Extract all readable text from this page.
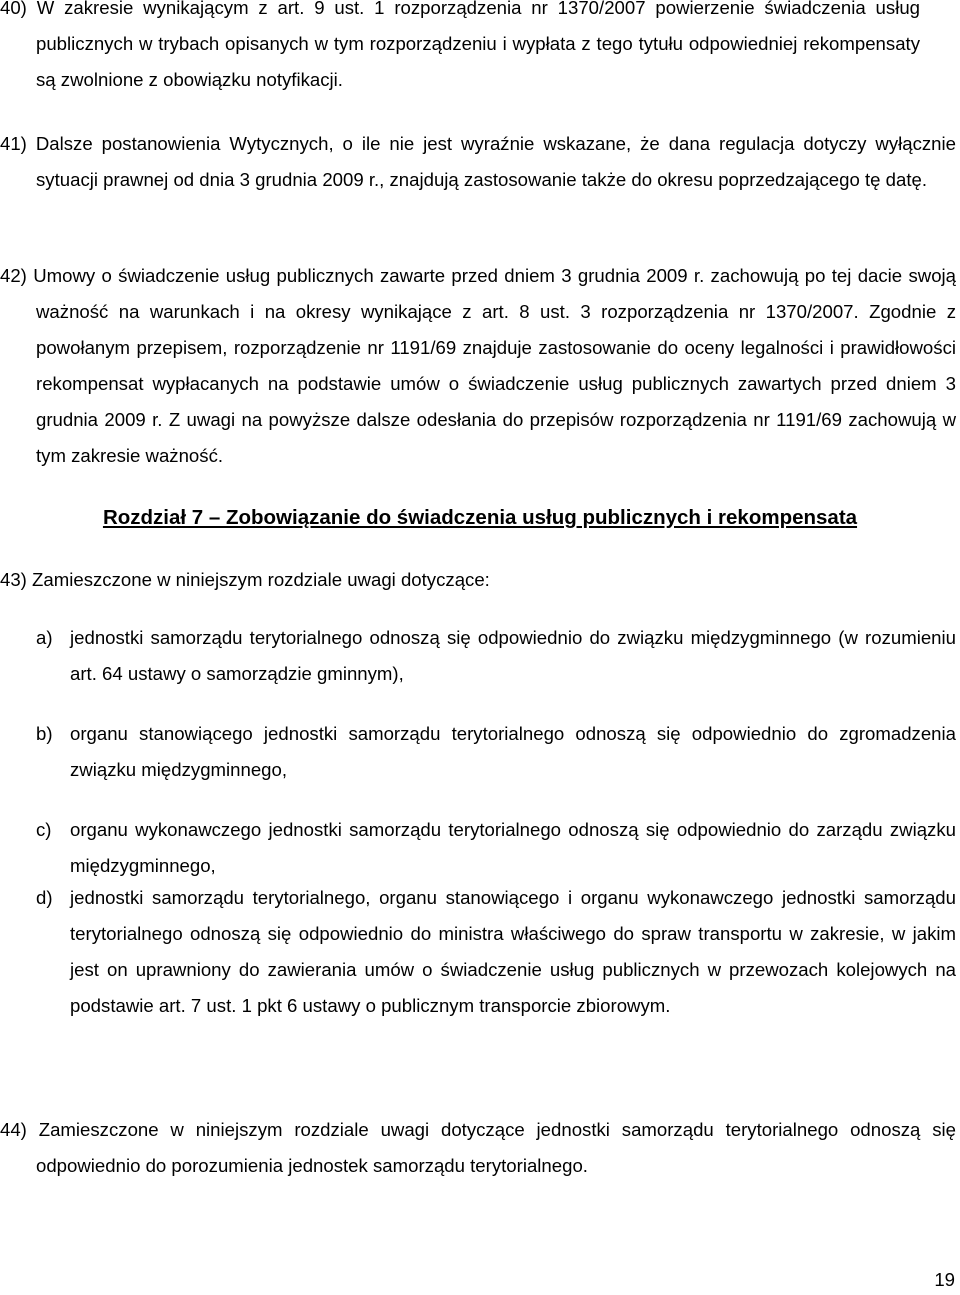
40) W zakresie wynikającym z art. 9 ust. 1 rozporządzenia nr 1370/2007 powierzenie świadczenia usług publicznych w trybach opisanych w tym rozporządzeniu i wypłata z tego tytułu odpowiedniej rekompensaty są zwolnione z obowiązku notyfikacji.
41) Dalsze postanowienia Wytycznych, o ile nie jest wyraźnie wskazane, że dana regulacja dotyczy wyłącznie sytuacji prawnej od dnia 3 grudnia 2009 r., znajdują zastosowanie także do okresu poprzedzającego tę datę.
42) Umowy o świadczenie usług publicznych zawarte przed dniem 3 grudnia 2009 r. zachowują po tej dacie swoją ważność na warunkach i na okresy wynikające z art. 8 ust. 3 rozporządzenia nr 1370/2007. Zgodnie z powołanym przepisem, rozporządzenie nr 1191/69 znajduje zastosowanie do oceny legalności i prawidłowości rekompensat wypłacanych na podstawie umów o świadczenie usług publicznych zawartych przed dniem 3 grudnia 2009 r. Z uwagi na powyższe dalsze odesłania do przepisów rozporządzenia nr 1191/69 zachowują w tym zakresie ważność.
Rozdział 7 – Zobowiązanie do świadczenia usług publicznych i rekompensata
43) Zamieszczone w niniejszym rozdziale uwagi dotyczące:
a) jednostki samorządu terytorialnego odnoszą się odpowiednio do związku międzygminnego (w rozumieniu art. 64 ustawy o samorządzie gminnym),
b) organu stanowiącego jednostki samorządu terytorialnego odnoszą się odpowiednio do zgromadzenia związku międzygminnego,
c) organu wykonawczego jednostki samorządu terytorialnego odnoszą się odpowiednio do zarządu związku międzygminnego,
d) jednostki samorządu terytorialnego, organu stanowiącego i organu wykonawczego jednostki samorządu terytorialnego odnoszą się odpowiednio do ministra właściwego do spraw transportu w zakresie, w jakim jest on uprawniony do zawierania umów o świadczenie usług publicznych w przewozach kolejowych na podstawie art. 7 ust. 1 pkt 6 ustawy o publicznym transporcie zbiorowym.
44) Zamieszczone w niniejszym rozdziale uwagi dotyczące jednostki samorządu terytorialnego odnoszą się odpowiednio do porozumienia jednostek samorządu terytorialnego.
19
